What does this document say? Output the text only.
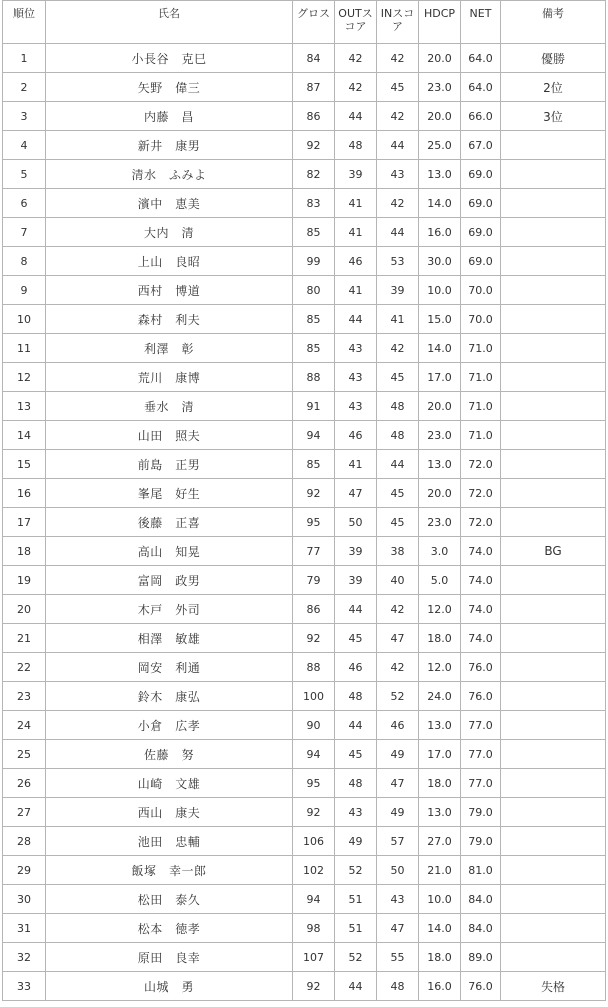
順位	氏名	グロス	OUTスコア	INスコア	HDCP	NET	備考
1	小長谷　克巳	84	42	42	20.0	64.0	優勝
2	矢野　偉三	87	42	45	23.0	64.0	2位
3	内藤　昌	86	44	42	20.0	66.0	3位
4	新井　康男	92	48	44	25.0	67.0	
5	清水　ふみよ	82	39	43	13.0	69.0	
6	濱中　恵美	83	41	42	14.0	69.0	
7	大内　清	85	41	44	16.0	69.0	
8	上山　良昭	99	46	53	30.0	69.0	
9	西村　博道	80	41	39	10.0	70.0	
10	森村　利夫	85	44	41	15.0	70.0	
11	利澤　彰	85	43	42	14.0	71.0	
12	荒川　康博	88	43	45	17.0	71.0	
13	垂水　清	91	43	48	20.0	71.0	
14	山田　照夫	94	46	48	23.0	71.0	
15	前島　正男	85	41	44	13.0	72.0	
16	峯尾　好生	92	47	45	20.0	72.0	
17	後藤　正喜	95	50	45	23.0	72.0	
18	高山　知晃	77	39	38	3.0	74.0	BG
19	富岡　政男	79	39	40	5.0	74.0	
20	木戸　外司	86	44	42	12.0	74.0	
21	相澤　敏雄	92	45	47	18.0	74.0	
22	岡安　利通	88	46	42	12.0	76.0	
23	鈴木　康弘	100	48	52	24.0	76.0	
24	小倉　広孝	90	44	46	13.0	77.0	
25	佐藤　努	94	45	49	17.0	77.0	
26	山崎　文雄	95	48	47	18.0	77.0	
27	西山　康夫	92	43	49	13.0	79.0	
28	池田　忠輔	106	49	57	27.0	79.0	
29	飯塚　幸一郎	102	52	50	21.0	81.0	
30	松田　泰久	94	51	43	10.0	84.0	
31	松本　徳孝	98	51	47	14.0	84.0	
32	原田　良幸	107	52	55	18.0	89.0	
33	山城　勇	92	44	48	16.0	76.0	失格
